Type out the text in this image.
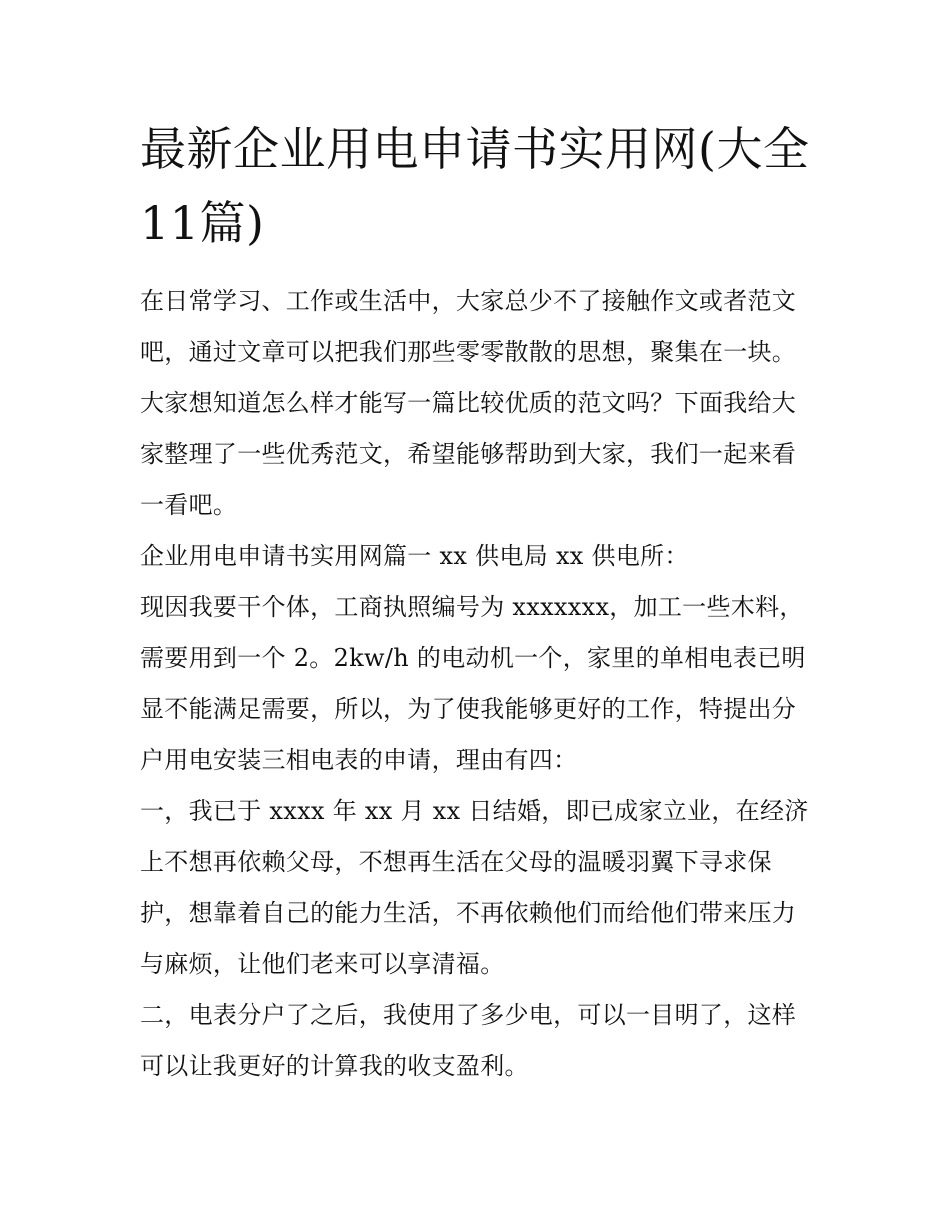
最新企业用电申请书实用网(大全11篇)

在日常学习、工作或生活中，大家总少不了接触作文或者范文吧，通过文章可以把我们那些零零散散的思想，聚集在一块。大家想知道怎么样才能写一篇比较优质的范文吗？下面我给大家整理了一些优秀范文，希望能够帮助到大家，我们一起来看一看吧。

企业用电申请书实用网篇一 xx 供电局 xx 供电所：

现因我要干个体，工商执照编号为 xxxxxxx，加工一些木料，需要用到一个 2。2kw/h 的电动机一个，家里的单相电表已明显不能满足需要，所以，为了使我能够更好的工作，特提出分户用电安装三相电表的申请，理由有四：

一，我已于 xxxx 年 xx 月 xx 日结婚，即已成家立业，在经济上不想再依赖父母，不想再生活在父母的温暖羽翼下寻求保护，想靠着自己的能力生活，不再依赖他们而给他们带来压力与麻烦，让他们老来可以享清福。

二，电表分户了之后，我使用了多少电，可以一目明了，这样可以让我更好的计算我的收支盈利。
